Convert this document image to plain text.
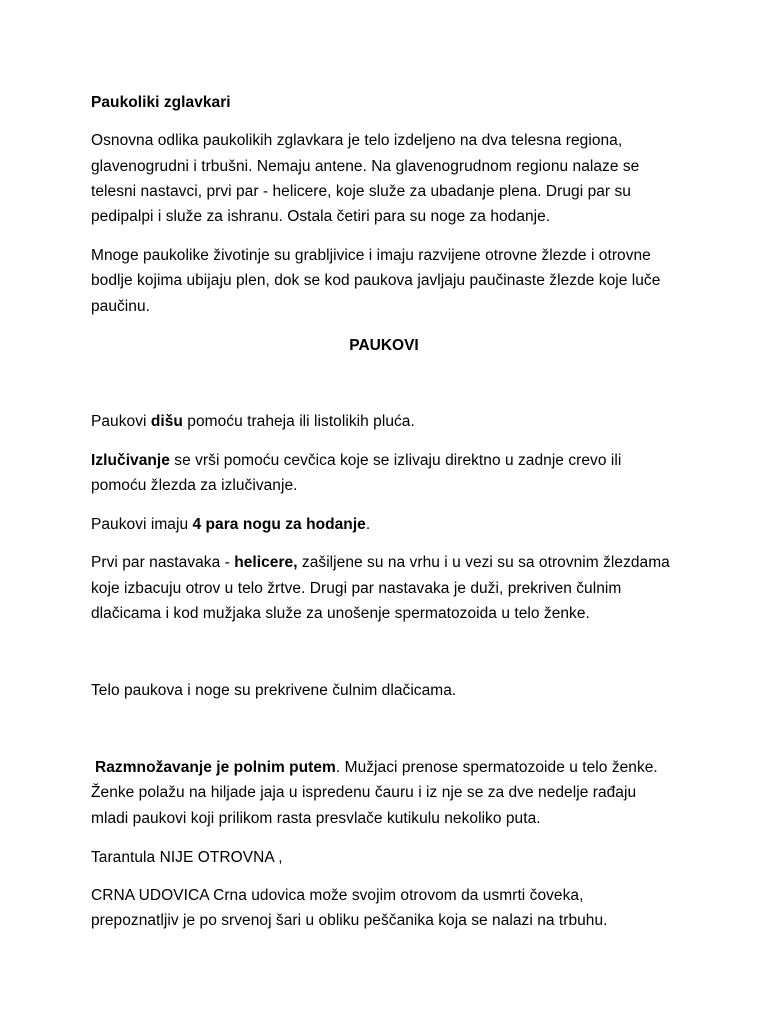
Paukoliki zglavkari

Osnovna odlika paukolikih zglavkara je telo izdeljeno na dva telesna regiona,

glavenogrudni i trbušni. Nemaju antene. Na glavenogrudnom regionu nalaze se

telesni nastavci, prvi par - helicere, koje služe za ubadanje plena. Drugi par su

pedipalpi i služe za ishranu. Ostala četiri para su noge za hodanje.

Mnoge paukolike životinje su grabljivice i imaju razvijene otrovne žlezde i otrovne

bodlje kojima ubijaju plen, dok se kod paukova javljaju paučinaste žlezde koje luče

paučinu.

PAUKOVI

Paukovi dišu pomoću traheja ili listolikih pluća.

Izlučivanje se vrši pomoću cevčica koje se izlivaju direktno u zadnje crevo ili

pomoću žlezda za izlučivanje.

Paukovi imaju 4 para nogu za hodanje.

Prvi par nastavaka - helicere, zašiljene su na vrhu i u vezi su sa otrovnim žlezdama

koje izbacuju otrov u telo žrtve. Drugi par nastavaka je duži, prekriven čulnim

dlačicama i kod mužjaka služe za unošenje spermatozoida u telo ženke.

Telo paukova i noge su prekrivene čulnim dlačicama.

Razmnožavanje je polnim putem. Mužjaci prenose spermatozoide u telo ženke.

Ženke polažu na hiljade jaja u ispredenu čauru i iz nje se za dve nedelje rađaju

mladi paukovi koji prilikom rasta presvlače kutikulu nekoliko puta.

Tarantula NIJE OTROVNA ,

CRNA UDOVICA Crna udovica može svojim otrovom da usmrti čoveka,

prepoznatljiv je po srvenoj šari u obliku peščanika koja se nalazi na trbuhu.
